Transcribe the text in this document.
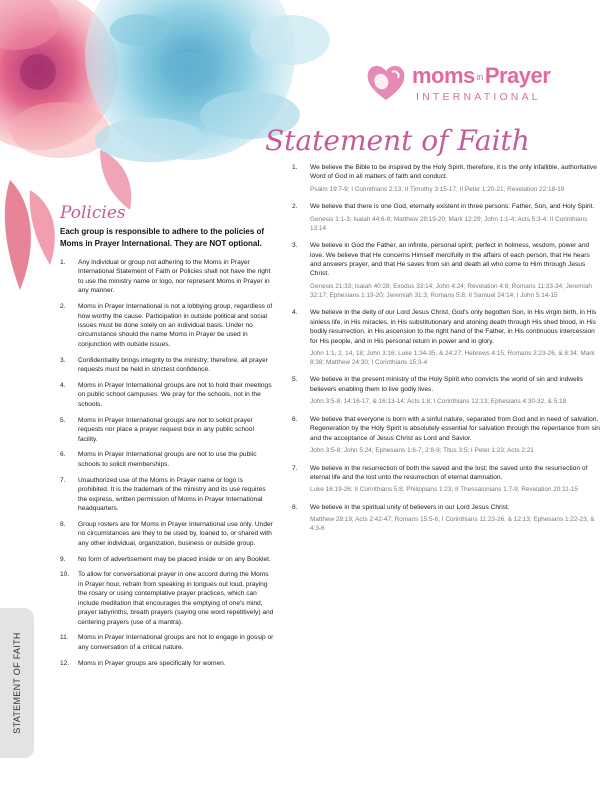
moms inPrayer
INTERNATIONAL
Statement of Faith
Policies
Each group is responsible to adhere to the policies of Moms in Prayer International. They are NOT optional.
1. Any individual or group not adhering to the Moms in Prayer International Statement of Faith or Policies shall not have the right to use the ministry name or logo, nor represent Moms in Prayer in any manner.
2. Moms in Prayer International is not a lobbying group, regardless of how worthy the cause. Participation in outside political and social issues must be done solely on an individual basis. Under no circumstance should the name Moms in Prayer be used in conjunction with outside issues.
3. Confidentiality brings integrity to the ministry; therefore, all prayer requests must be held in strictest confidence.
4. Moms in Prayer International groups are not to hold their meetings on public school campuses. We pray for the schools, not in the schools.
5. Moms in Prayer International groups are not to solicit prayer requests nor place a prayer request box in any public school facility.
6. Moms in Prayer International groups are not to use the public schools to solicit memberships.
7. Unauthorized use of the Moms in Prayer name or logo is prohibited. It is the trademark of the ministry and its use requires the express, written permission of Moms in Prayer International headquarters.
8. Group rosters are for Moms in Prayer International use only. Under no circumstances are they to be used by, loaned to, or shared with any other individual, organization, business or outside group.
9. No form of advertisement may be placed inside or on any Booklet.
10. To allow for conversational prayer in one accord during the Moms in Prayer hour, refrain from speaking in tongues out loud, praying the rosary or using contemplative prayer practices, which can include meditation that encourages the emptying of one's mind, prayer labyrinths, breath prayers (saying one word repetitively) and centering prayers (use of a mantra).
11. Moms in Prayer International groups are not to engage in gossip or any conversation of a critical nature.
12. Moms in Prayer groups are specifically for women.
1. We believe the Bible to be inspired by the Holy Spirit, therefore, it is the only infallible, authoritative Word of God in all matters of faith and conduct.
Psalm 19:7-9; I Corinthians 2:13; II Timothy 3:15-17; II Peter 1:20-21; Revelation 22:18-19
2. We believe that there is one God, eternally existent in three persons: Father, Son, and Holy Spirit.
Genesis 1:1-3; Isaiah 44:6-8; Matthew 28:19-20; Mark 12:29; John 1:1-4; Acts 5:3-4; II Corinthians 13:14
3. We believe in God the Father, an infinite, personal spirit; perfect in holiness, wisdom, power and love. We believe that He concerns Himself mercifully in the affairs of each person, that He hears and answers prayer, and that He saves from sin and death all who come to Him through Jesus Christ.
Genesis 21:33; Isaiah 40:28; Exodus 33:14; John 4:24; Revelation 4:8; Romans 11:33-34; Jeremiah 32:17; Ephesians 1:19-20; Jeremiah 31:3; Romans 5:8; II Samuel 24:14; I John 5:14-15
4. We believe in the deity of our Lord Jesus Christ, God's only begotten Son, in His virgin birth, in His sinless life, in His miracles, in His substitutionary and atoning death through His shed blood, in His bodily resurrection, in His ascension to the right hand of the Father, in His continuous intercession for His people, and in His personal return in power and in glory.
John 1:1, 2, 14, 18; John 3:16; Luke 1:34-35, & 24:27; Hebrews 4:15; Romans 3:23-26, & 8:34; Mark 8:38; Matthew 24:30; I Corinthians 15:3-4
5. We believe in the present ministry of the Holy Spirit who convicts the world of sin and indwells believers enabling them to live godly lives.
John 3:5-8, 14:16-17, & 16:13-14; Acts 1:8; I Corinthians 12:13; Ephesians 4:30-32, & 5:18
6. We believe that everyone is born with a sinful nature, separated from God and in need of salvation. Regeneration by the Holy Spirit is absolutely essential for salvation through the repentance from sin and the acceptance of Jesus Christ as Lord and Savior.
John 3:5-8; John 5:24; Ephesians 1:6-7, 2:8-9; Titus 3:5; I Peter 1:23; Acts 2:21
7. We believe in the resurrection of both the saved and the lost; the saved unto the resurrection of eternal life and the lost unto the resurrection of eternal damnation.
Luke 16:19-26; II Corinthians 5:8; Philippians 1:23; II Thessalonians 1:7-9; Revelation 20:11-15
8. We believe in the spiritual unity of believers in our Lord Jesus Christ.
Matthew 28:19; Acts 2:42-47; Romans 15:5-6; I Corinthians 11:23-26, & 12:13; Ephesians 1:22-23, & 4:3-6
STATEMENT OF FAITH
